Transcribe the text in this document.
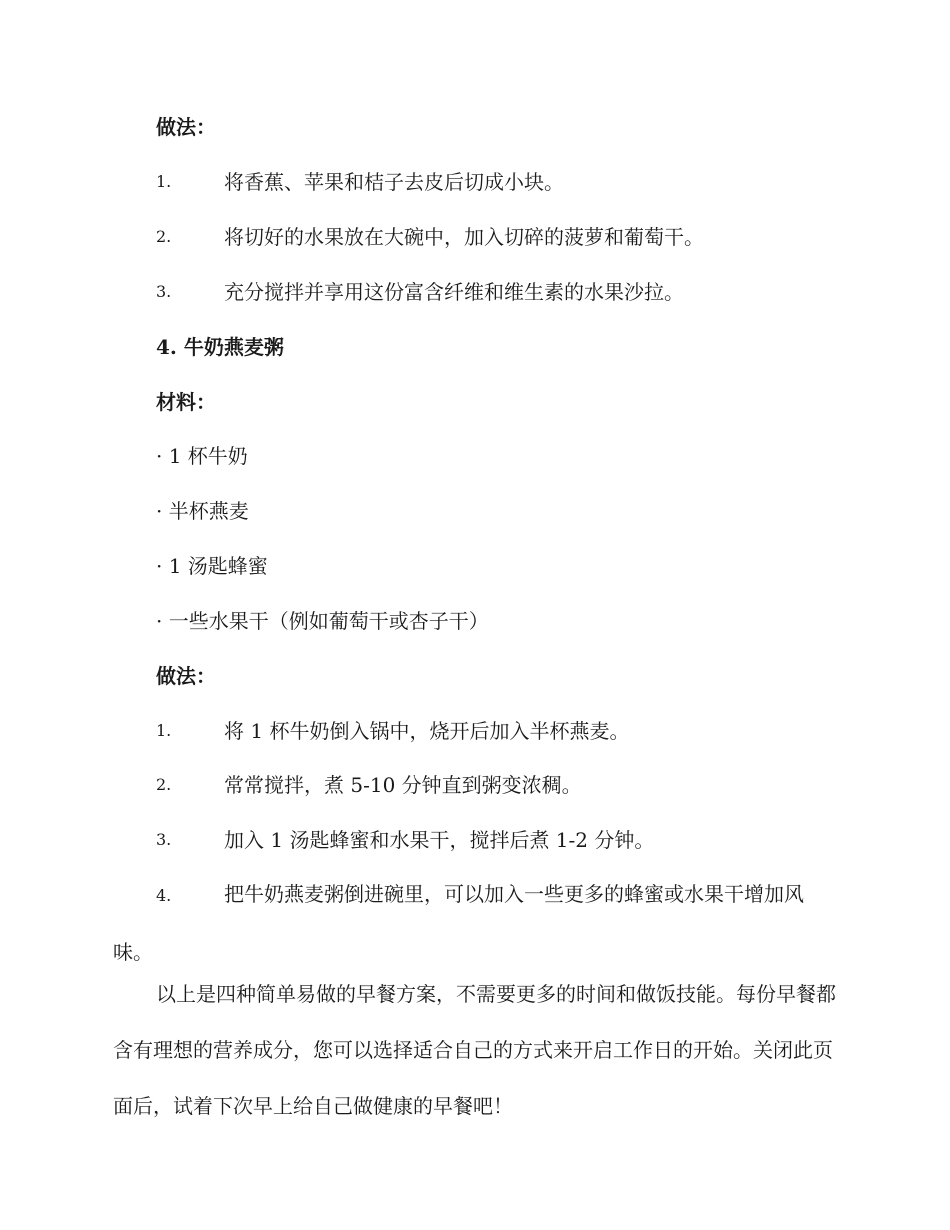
做法：
1.	将香蕉、苹果和桔子去皮后切成小块。
2.	将切好的水果放在大碗中，加入切碎的菠萝和葡萄干。
3.	充分搅拌并享用这份富含纤维和维生素的水果沙拉。
4. 牛奶燕麦粥
材料：
· 1 杯牛奶
· 半杯燕麦
· 1 汤匙蜂蜜
· 一些水果干（例如葡萄干或杏子干）
做法：
1.	将 1 杯牛奶倒入锅中，烧开后加入半杯燕麦。
2.	常常搅拌，煮 5-10 分钟直到粥变浓稠。
3.	加入 1 汤匙蜂蜜和水果干，搅拌后煮 1-2 分钟。

4.	把牛奶燕麦粥倒进碗里，可以加入一些更多的蜂蜜或水果干增加风味。

以上是四种简单易做的早餐方案，不需要更多的时间和做饭技能。每份早餐都含有理想的营养成分，您可以选择适合自己的方式来开启工作日的开始。关闭此页面后，试着下次早上给自己做健康的早餐吧！
